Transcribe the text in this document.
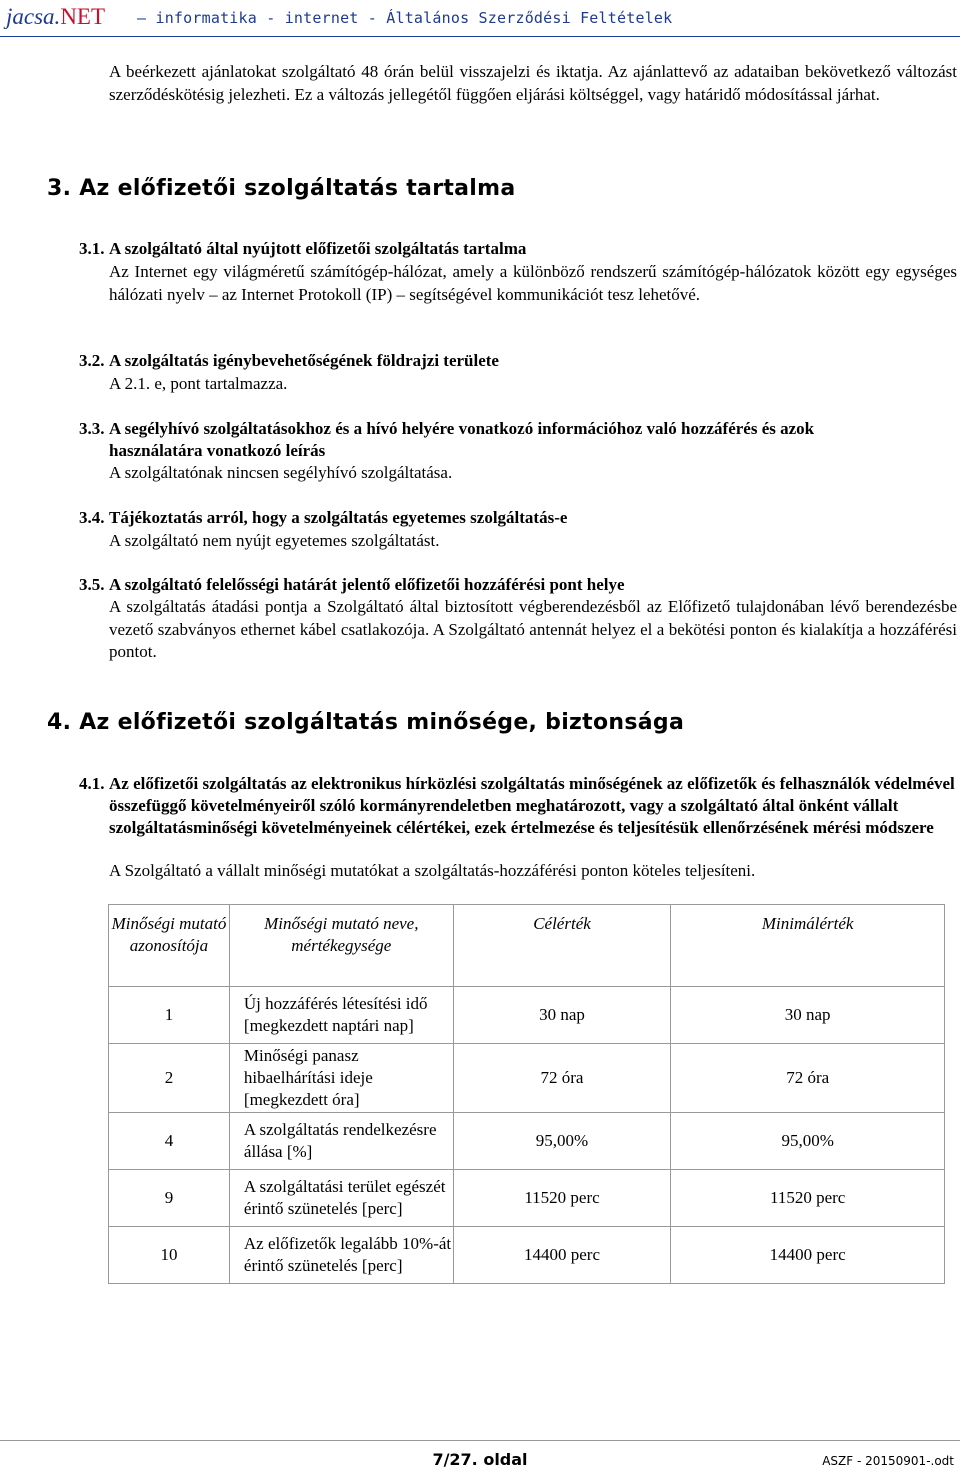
jacsa.NET – informatika - internet - Általános Szerződési Feltételek
A beérkezett ajánlatokat szolgáltató 48 órán belül visszajelzi és iktatja. Az ajánlattevő az adataiban bekövetkező változást szerződéskötésig jelezheti. Ez a változás jellegétől függően eljárási költséggel, vagy határidő módosítással járhat.
3. Az előfizetői szolgáltatás tartalma
3.1. A szolgáltató által nyújtott előfizetői szolgáltatás tartalma
Az Internet egy világméretű számítógép-hálózat, amely a különböző rendszerű számítógép-hálózatok között egy egységes hálózati nyelv – az Internet Protokoll (IP) – segítségével kommunikációt tesz lehetővé.
3.2. A szolgáltatás igénybevehetőségének földrajzi területe
A 2.1. e, pont tartalmazza.
3.3. A segélyhívó szolgáltatásokhoz és a hívó helyére vonatkozó információhoz való hozzáférés és azok
használatára vonatkozó leírás
A szolgáltatónak nincsen segélyhívó szolgáltatása.
3.4. Tájékoztatás arról, hogy a szolgáltatás egyetemes szolgáltatás-e
A szolgáltató nem nyújt egyetemes szolgáltatást.
3.5. A szolgáltató felelősségi határát jelentő előfizetői hozzáférési pont helye
A szolgáltatás átadási pontja a Szolgáltató által biztosított végberendezésből az Előfizető tulajdonában lévő berendezésbe vezető szabványos ethernet kábel csatlakozója. A Szolgáltató antennát helyez el a bekötési ponton és kialakítja a hozzáférési pontot.
4. Az előfizetői szolgáltatás minősége, biztonsága
4.1. Az előfizetői szolgáltatás az elektronikus hírközlési szolgáltatás minőségének az előfizetők és felhasználók védelmével összefüggő követelményeiről szóló kormányrendeletben meghatározott, vagy a szolgáltató által önként vállalt szolgáltatásminőségi követelményeinek célértékei, ezek értelmezése és teljesítésük ellenőrzésének mérési módszere
A Szolgáltató a vállalt minőségi mutatókat a szolgáltatás-hozzáférési ponton köteles teljesíteni.
Minőségi mutató azonosítója	Minőségi mutató neve, mértékegysége	Célérték	Minimálérték
1	Új hozzáférés létesítési idő [megkezdett naptári nap]	30 nap	30 nap
2	Minőségi panasz hibaelhárítási ideje [megkezdett óra]	72 óra	72 óra
4	A szolgáltatás rendelkezésre állása [%]	95,00%	95,00%
9	A szolgáltatási terület egészét érintő szünetelés [perc]	11520 perc	11520 perc
10	Az előfizetők legalább 10%-át érintő szünetelés [perc]	14400 perc	14400 perc
7/27. oldal	ASZF - 20150901-.odt
